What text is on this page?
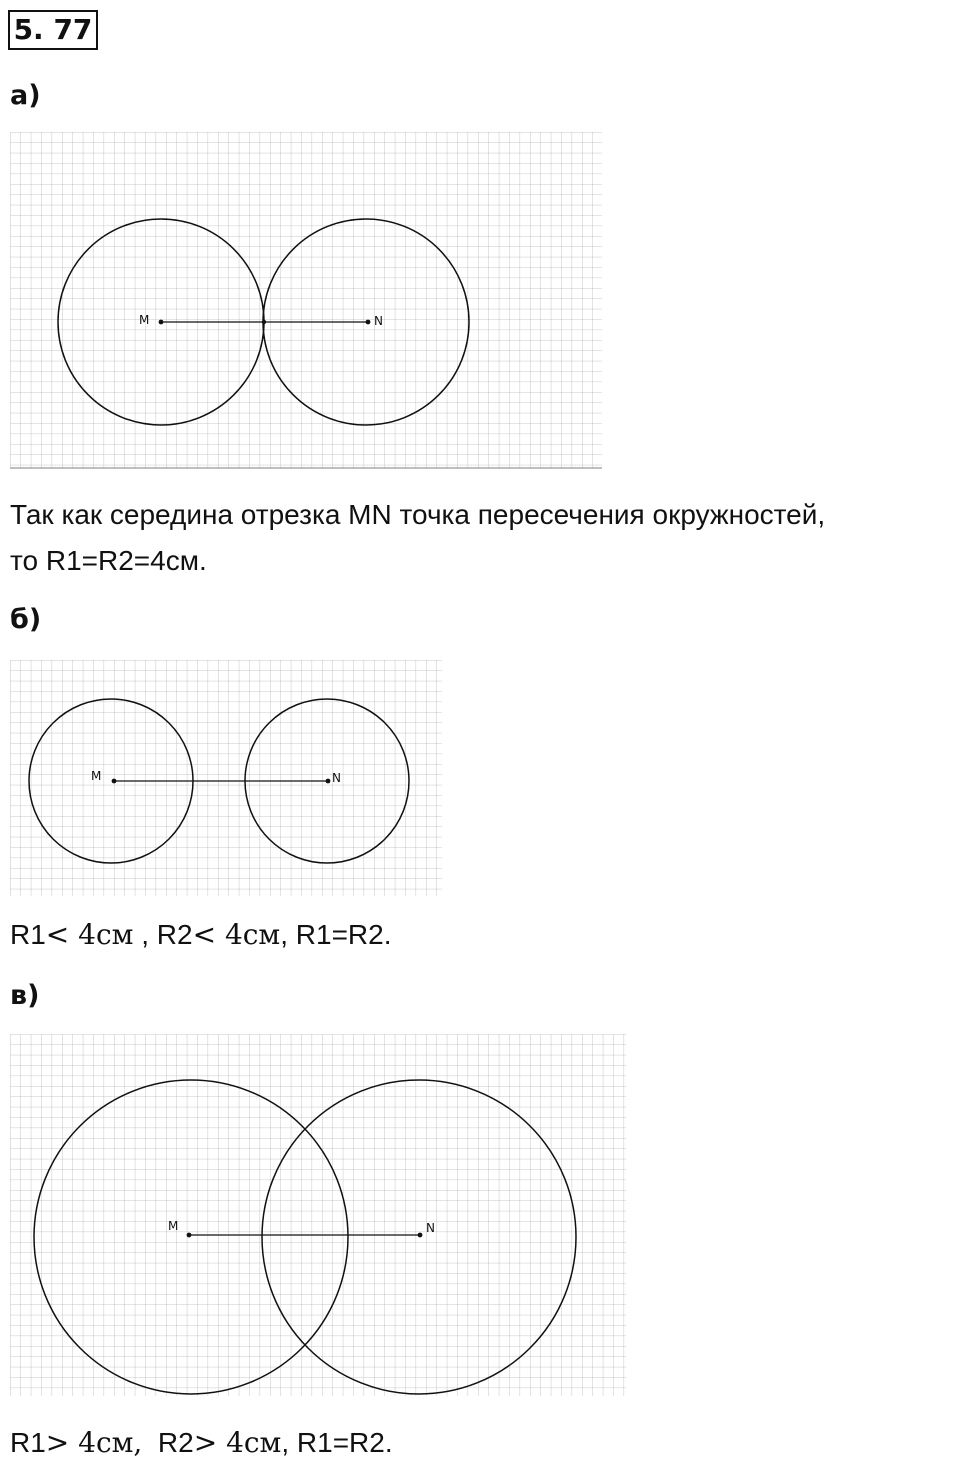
5. 77
а)
M	N
Так как середина отрезка MN точка пересечения окружностей,
то R1=R2=4см.
б)
M	N
R1< 4см , R2< 4см, R1=R2.
в)
M	N
R1> 4см,  R2> 4см, R1=R2.
